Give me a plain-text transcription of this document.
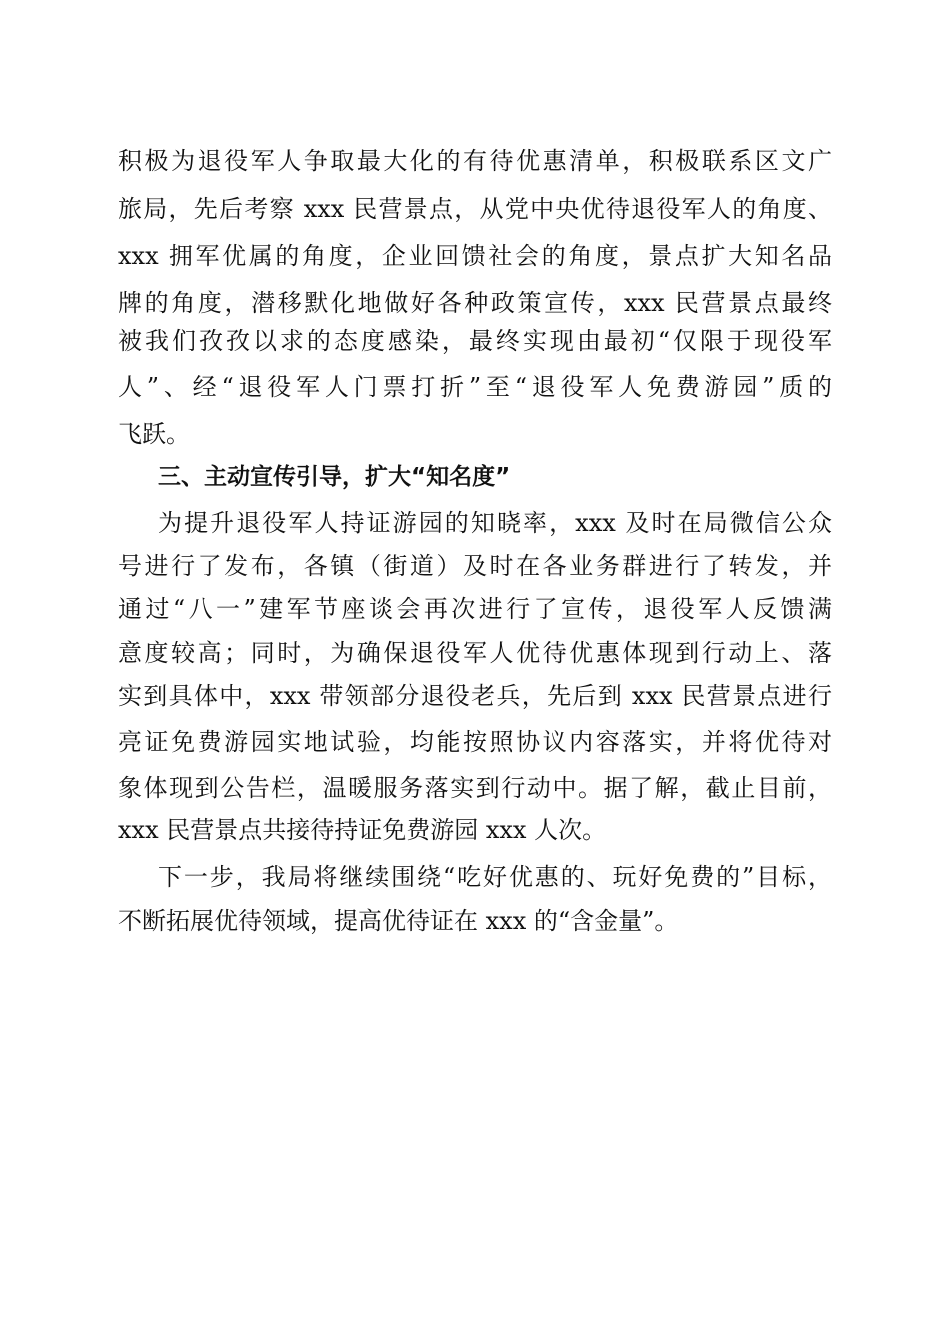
积极为退役军人争取最大化的有待优惠清单，积极联系区文广
旅局，先后考察 xxx 民营景点，从党中央优待退役军人的角度、
xxx 拥军优属的角度，企业回馈社会的角度，景点扩大知名品
牌的角度，潜移默化地做好各种政策宣传，xxx 民营景点最终
被我们孜孜以求的态度感染，最终实现由最初“仅限于现役军
人”、经“退役军人门票打折”至“退役军人免费游园”质的
飞跃。
三、主动宣传引导，扩大“知名度”
为提升退役军人持证游园的知晓率，xxx 及时在局微信公众
号进行了发布，各镇（街道）及时在各业务群进行了转发，并
通过“八一”建军节座谈会再次进行了宣传，退役军人反馈满
意度较高；同时，为确保退役军人优待优惠体现到行动上、落
实到具体中，xxx 带领部分退役老兵，先后到 xxx 民营景点进行
亮证免费游园实地试验，均能按照协议内容落实，并将优待对
象体现到公告栏，温暖服务落实到行动中。据了解，截止目前，
xxx 民营景点共接待持证免费游园 xxx 人次。
下一步，我局将继续围绕“吃好优惠的、玩好免费的”目标，
不断拓展优待领域，提高优待证在 xxx 的“含金量”。
